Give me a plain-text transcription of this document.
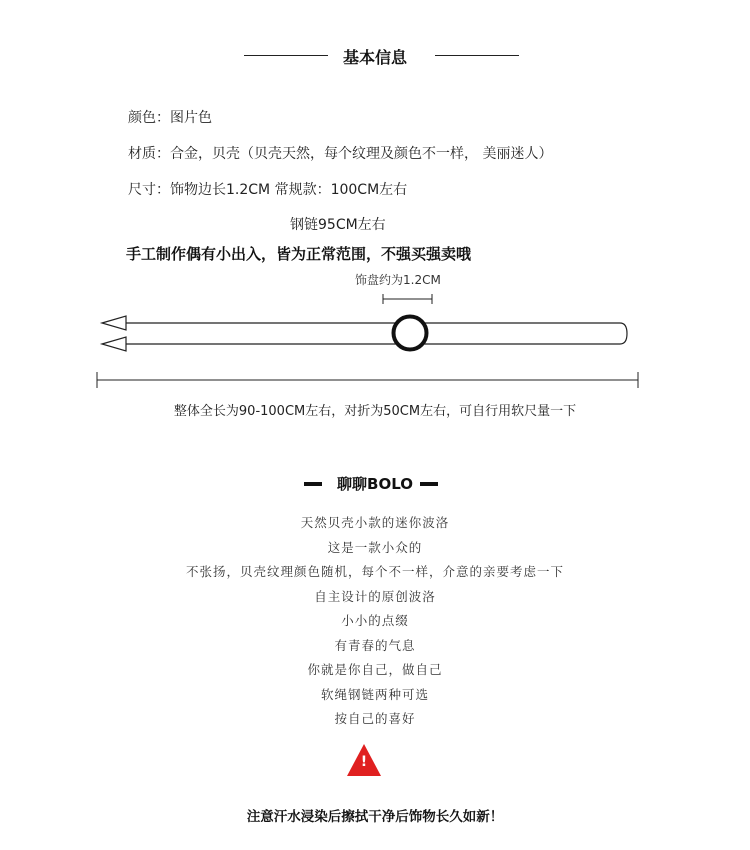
基本信息
颜色：图片色
材质：合金，贝壳（贝壳天然，每个纹理及颜色不一样， 美丽迷人）
尺寸：饰物边长1.2CM 常规款：100CM左右
钢链95CM左右
手工制作偶有小出入，皆为正常范围，不强买强卖哦
饰盘约为1.2CM
整体全长为90-100CM左右，对折为50CM左右，可自行用软尺量一下
聊聊BOLO
天然贝壳小款的迷你波洛
这是一款小众的
不张扬，贝壳纹理颜色随机，每个不一样，介意的亲要考虑一下
自主设计的原创波洛
小小的点缀
有青春的气息
你就是你自己，做自己
软绳钢链两种可选
按自己的喜好
!
注意汗水浸染后擦拭干净后饰物长久如新！
